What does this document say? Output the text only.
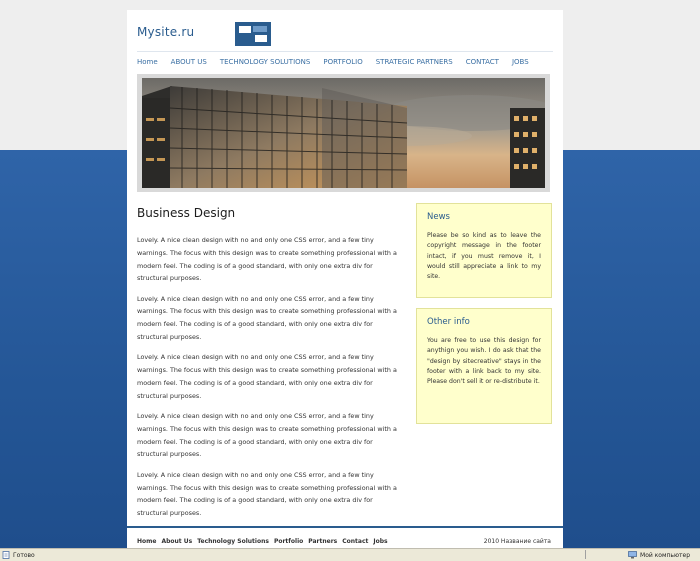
Mysite.ru
Home ABOUT US TECHNOLOGY SOLUTIONS PORTFOLIO STRATEGIC PARTNERS CONTACT JOBS
Business Design

Lovely. A nice clean design with no and only one CSS error, and a few tiny warnings. The focus with this design was to create something professional with a modern feel. The coding is of a good standard, with only one extra div for structural purposes.

Lovely. A nice clean design with no and only one CSS error, and a few tiny warnings. The focus with this design was to create something professional with a modern feel. The coding is of a good standard, with only one extra div for structural purposes.

Lovely. A nice clean design with no and only one CSS error, and a few tiny warnings. The focus with this design was to create something professional with a modern feel. The coding is of a good standard, with only one extra div for structural purposes.

Lovely. A nice clean design with no and only one CSS error, and a few tiny warnings. The focus with this design was to create something professional with a modern feel. The coding is of a good standard, with only one extra div for structural purposes.

Lovely. A nice clean design with no and only one CSS error, and a few tiny warnings. The focus with this design was to create something professional with a modern feel. The coding is of a good standard, with only one extra div for structural purposes.

News

Please be so kind as to leave the copyright message in the footer intact, if you must remove it, I would still appreciate a link to my site.

Other info

You are free to use this design for anythign you wish. I do ask that the "design by sitecreative" stays in the footer with a link back to my site. Please don't sell it or re-distribute it.

Home About Us Technology Solutions Portfolio Partners Contact Jobs	2010 Название сайта
Готово	Мой компьютер
